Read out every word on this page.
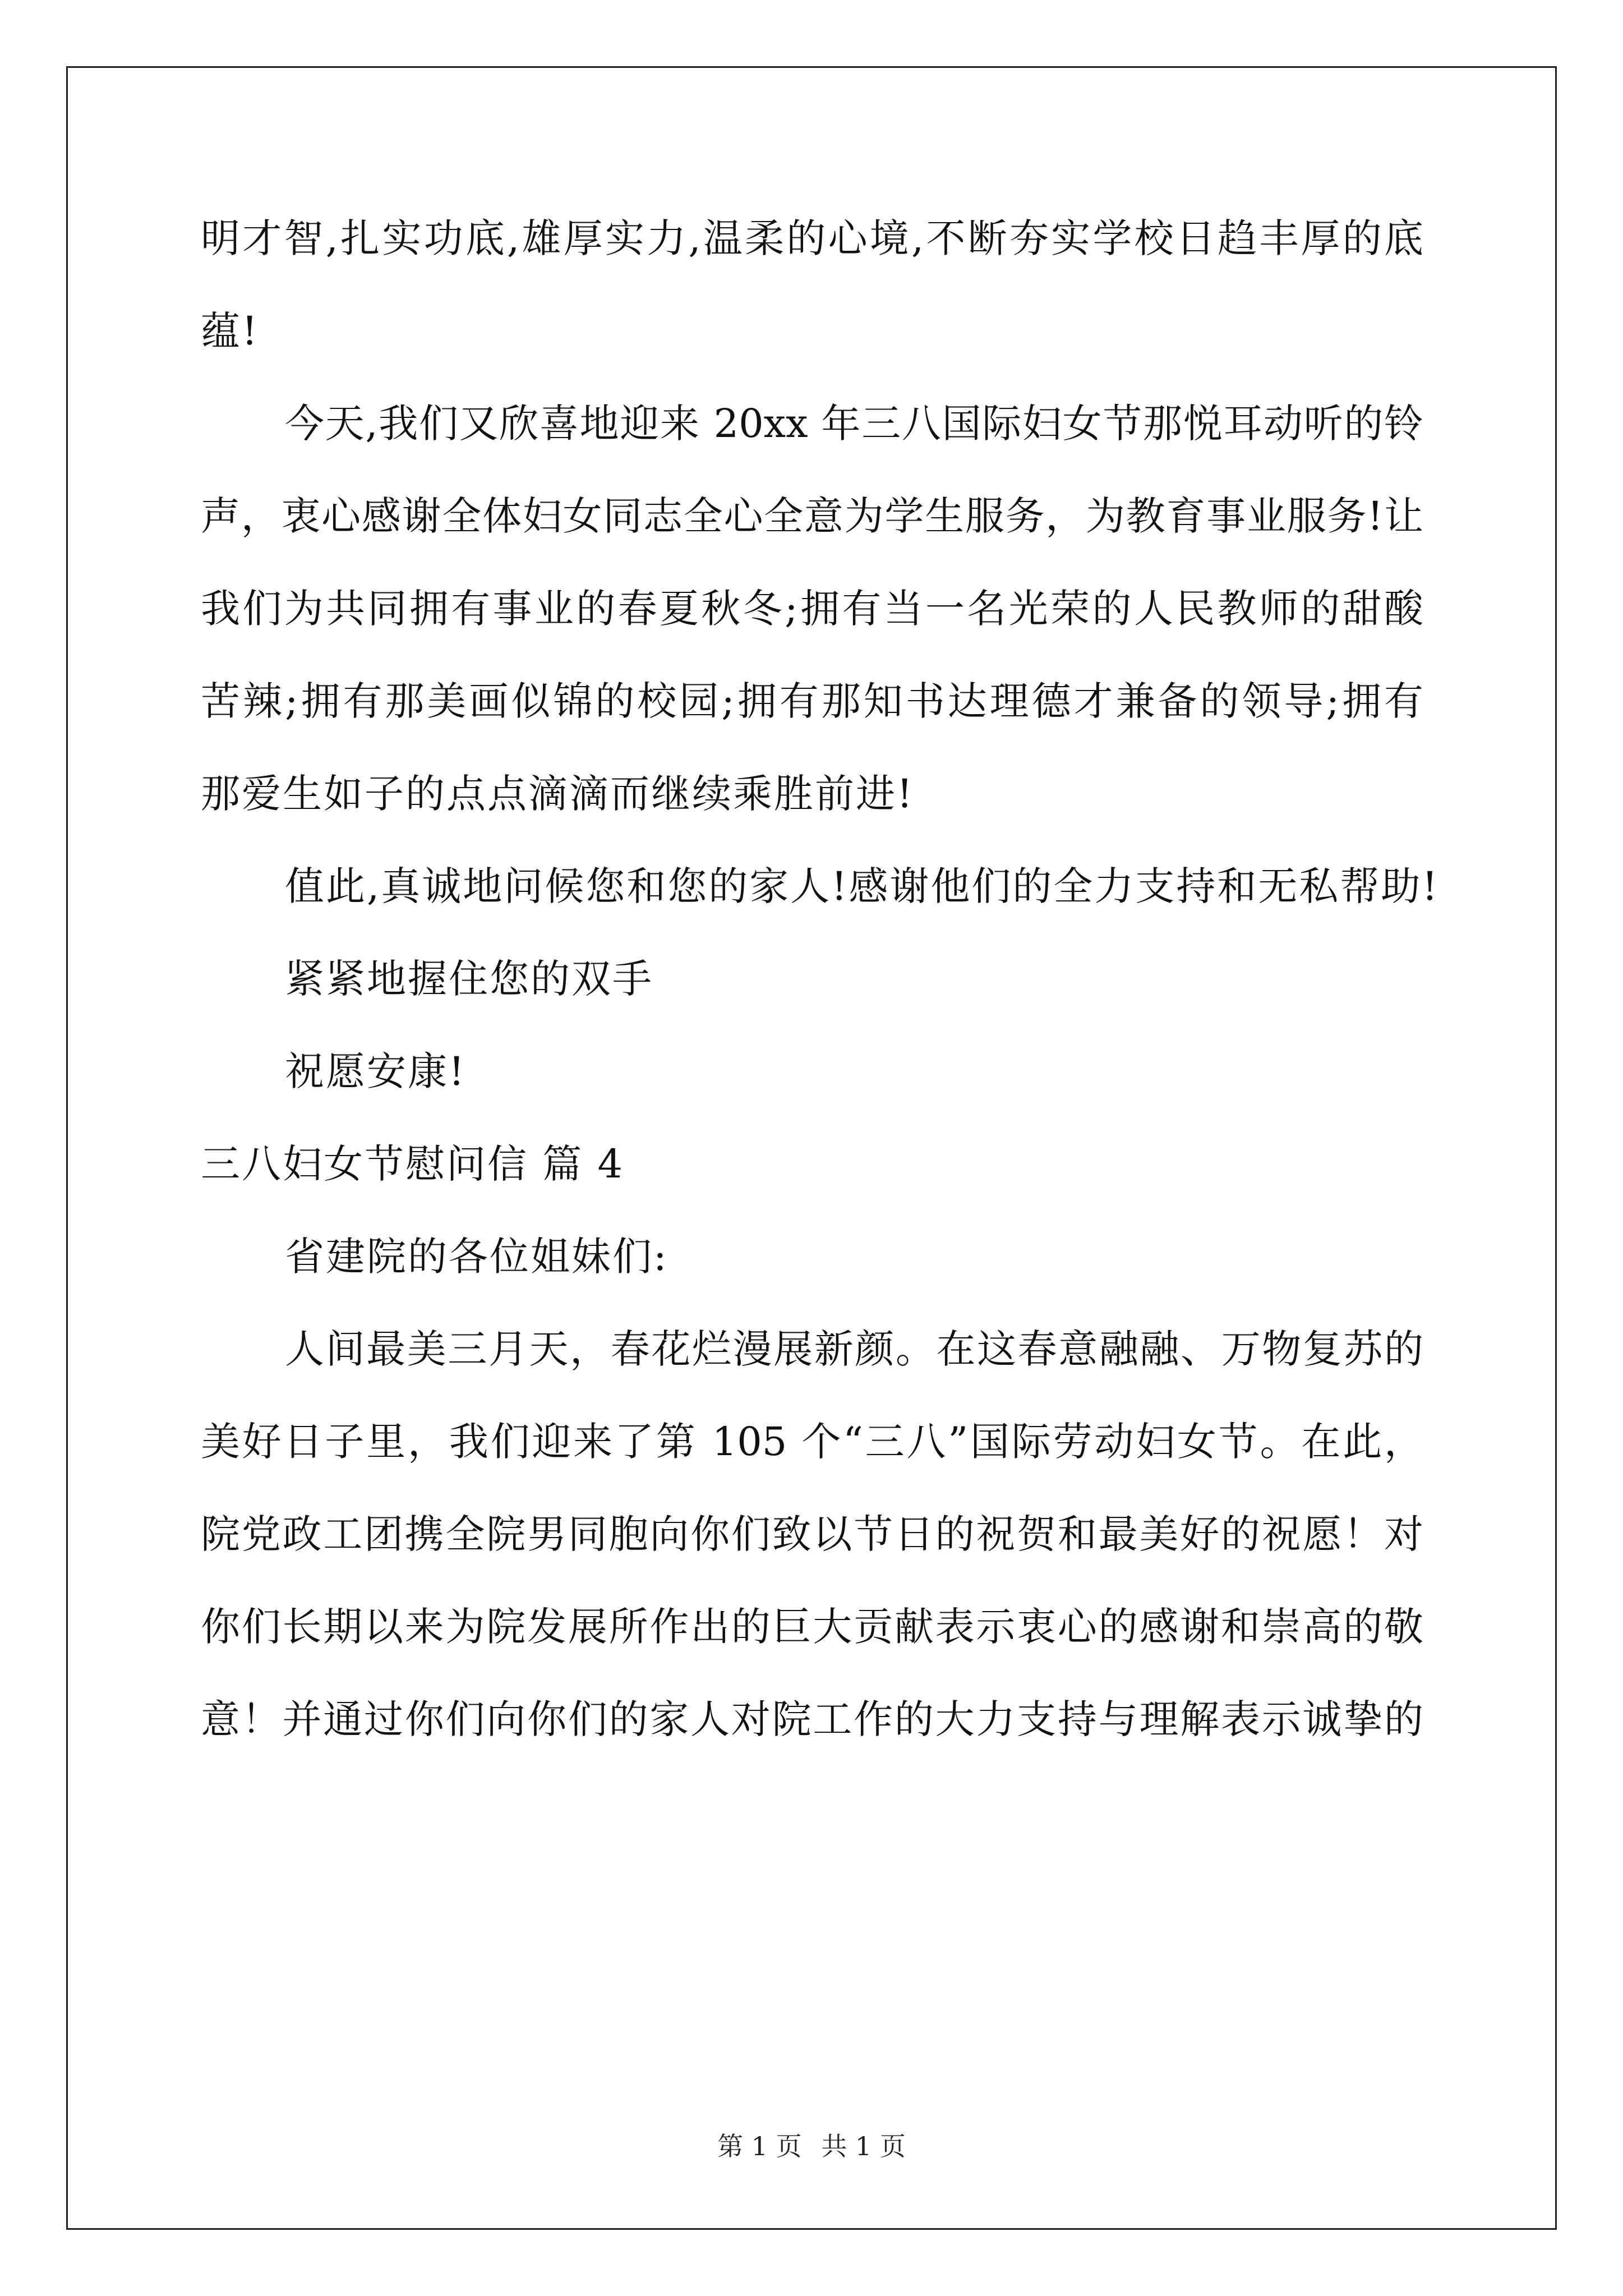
明才智,扎实功底,雄厚实力,温柔的心境,不断夯实学校日趋丰厚的底
蕴!
今天,我们又欣喜地迎来 20xx 年三八国际妇女节那悦耳动听的铃
声，衷心感谢全体妇女同志全心全意为学生服务，为教育事业服务!让
我们为共同拥有事业的春夏秋冬;拥有当一名光荣的人民教师的甜酸
苦辣;拥有那美画似锦的校园;拥有那知书达理德才兼备的领导;拥有
那爱生如子的点点滴滴而继续乘胜前进!
值此,真诚地问候您和您的家人!感谢他们的全力支持和无私帮助!
紧紧地握住您的双手
祝愿安康!
三八妇女节慰问信 篇 4
省建院的各位姐妹们:
人间最美三月天，春花烂漫展新颜。在这春意融融、万物复苏的
美好日子里，我们迎来了第 105 个“三八”国际劳动妇女节。在此，
院党政工团携全院男同胞向你们致以节日的祝贺和最美好的祝愿！对
你们长期以来为院发展所作出的巨大贡献表示衷心的感谢和崇高的敬
意！并通过你们向你们的家人对院工作的大力支持与理解表示诚挚的
第 1 页 共 1 页
